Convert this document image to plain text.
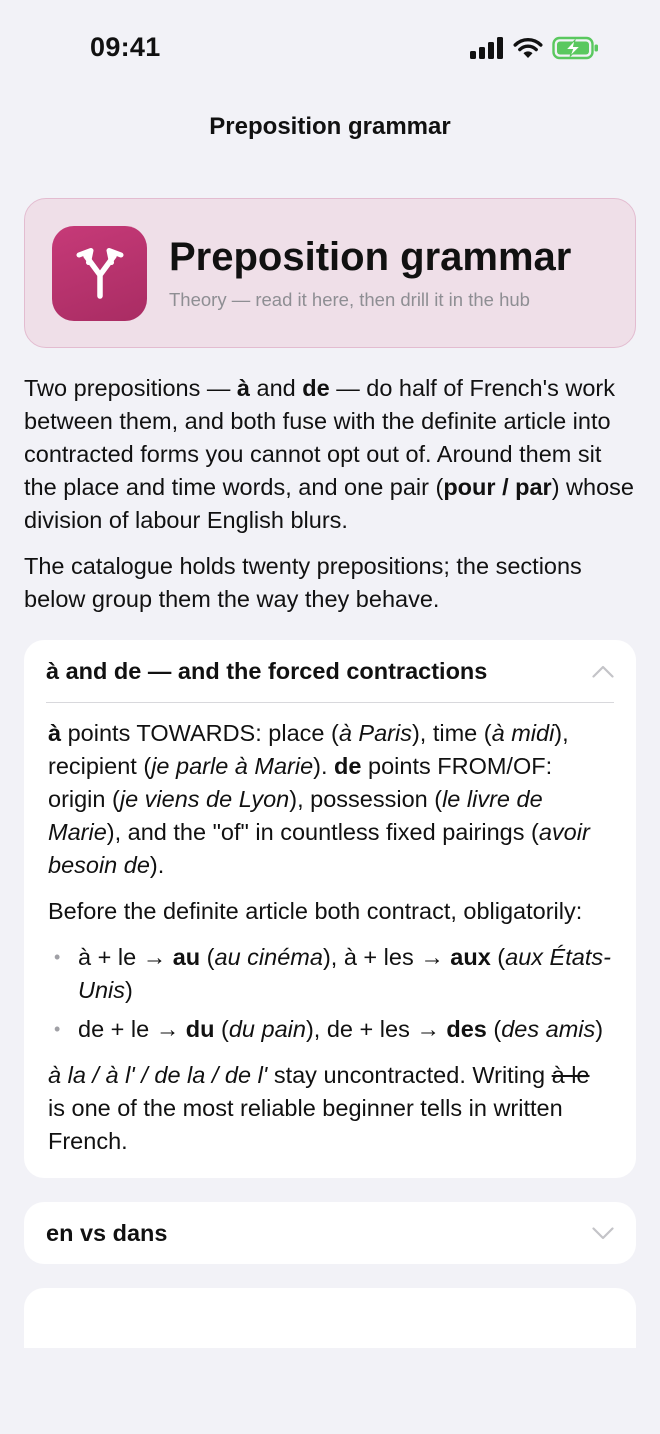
09:41
Preposition grammar
Preposition grammar
Theory — read it here, then drill it in the hub

Two prepositions — à and de — do half of French's work between them, and both fuse with the definite article into contracted forms you cannot opt out of. Around them sit the place and time words, and one pair (pour / par) whose division of labour English blurs.

The catalogue holds twenty prepositions; the sections below group them the way they behave.

à and de — and the forced contractions

à points TOWARDS: place (à Paris), time (à midi), recipient (je parle à Marie). de points FROM/OF: origin (je viens de Lyon), possession (le livre de Marie), and the "of" in countless fixed pairings (avoir besoin de).

Before the definite article both contract, obligatorily:

• à + le → au (au cinéma), à + les → aux (aux États-Unis)
• de + le → du (du pain), de + les → des (des amis)

à la / à l' / de la / de l' stay uncontracted. Writing à le is one of the most reliable beginner tells in written French.

en vs dans
